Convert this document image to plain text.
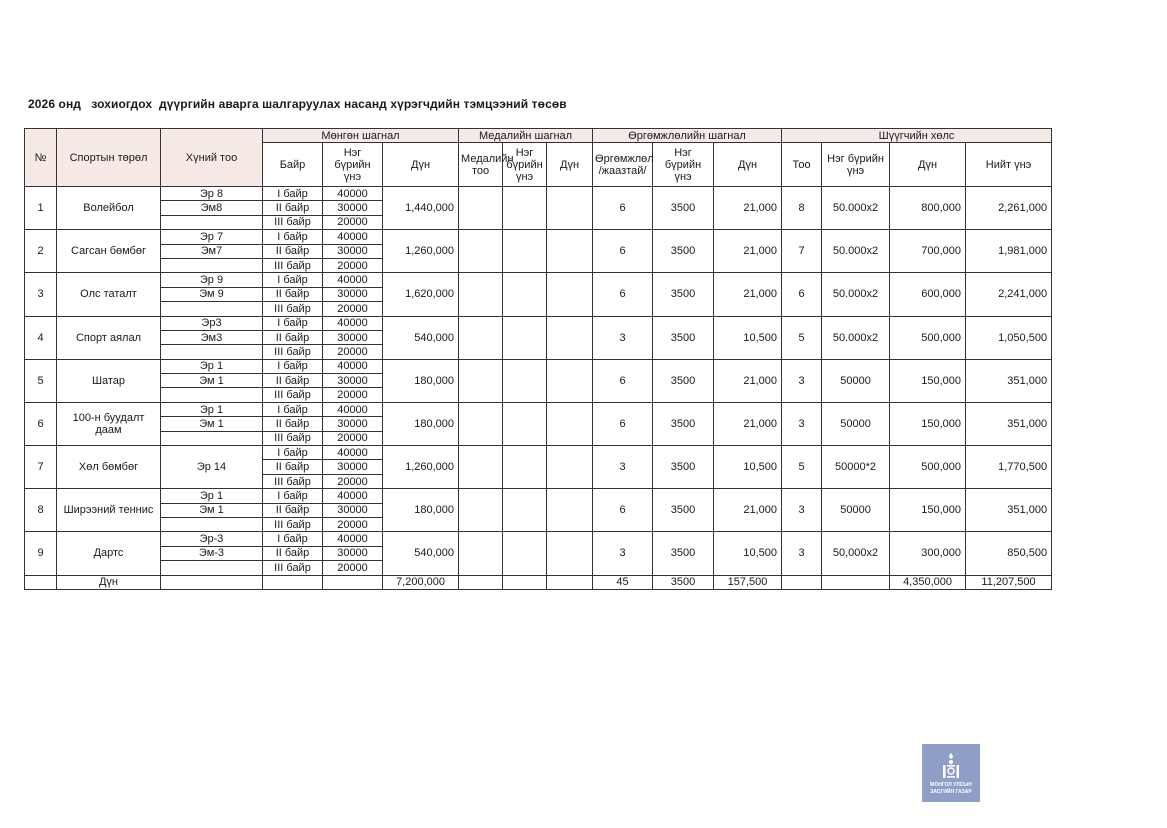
2026 онд   зохиогдох  дүүргийн аварга шалгаруулах насанд хүрэгчдийн тэмцээний төсөв
№	Спортын төрөл	Хүний тоо	Мөнгөн шагнал			Медалийн шагнал			Өргөмжлөлийн шагнал			Шүүгчийн хөлс			
			Байр	Нэг бүрийн үнэ	Дүн	Медалийн тоо	Нэг бүрийн үнэ	Дүн	Өргөмжлөл /жаазтай/	Нэг бүрийн үнэ	Дүн	Тоо	Нэг бүрийн үнэ	Дүн	Нийт үнэ
1	Волейбол	Эр 8	I байр	40000	1,440,000				6	3500	21,000	8	50.000x2	800,000	2,261,000
		Эм8	II байр	30000											
			III байр	20000											
2	Сагсан бөмбөг	Эр 7	I байр	40000	1,260,000				6	3500	21,000	7	50.000x2	700,000	1,981,000
		Эм7	II байр	30000											
			III байр	20000											
3	Олс таталт	Эр 9	I байр	40000	1,620,000				6	3500	21,000	6	50.000x2	600,000	2,241,000
		Эм 9	II байр	30000											
			III байр	20000											
4	Спорт аялал	Эр3	I байр	40000	540,000				3	3500	10,500	5	50.000x2	500,000	1,050,500
		Эм3	II байр	30000											
			III байр	20000											
5	Шатар	Эр 1	I байр	40000	180,000				6	3500	21,000	3	50000	150,000	351,000
		Эм 1	II байр	30000											
			III байр	20000											
6	100-н буудалт даам	Эр 1	I байр	40000	180,000				6	3500	21,000	3	50000	150,000	351,000
		Эм 1	II байр	30000											
			III байр	20000											
7	Хөл бөмбөг	Эр 14	I байр	40000	1,260,000				3	3500	10,500	5	50000*2	500,000	1,770,500
			II байр	30000											
			III байр	20000											
8	Ширээний теннис	Эр 1	I байр	40000	180,000				6	3500	21,000	3	50000	150,000	351,000
		Эм 1	II байр	30000											
			III байр	20000											
9	Дартс	Эр-3	I байр	40000	540,000				3	3500	10,500	3	50,000x2	300,000	850,500
		Эм-3	II байр	30000											
			III байр	20000											
	Дүн				7,200,000				45	3500	157,500			4,350,000	11,207,500
МОНГОЛ УЛСЫН
ЗАСГИЙН ГАЗАР
